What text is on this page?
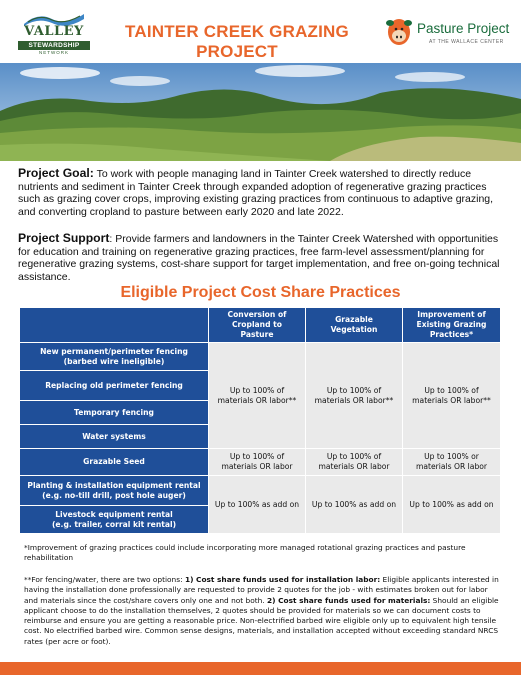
VALLEY
STEWARDSHIP
NETWORK
TAINTER CREEK GRAZING PROJECT
Pasture Project
AT THE WALLACE CENTER
Project Goal: To work with people managing land in Tainter Creek watershed to directly reduce nutrients and sediment in Tainter Creek through expanded adoption of regenerative grazing practices such as grazing cover crops, improving existing grazing practices from continuous to adaptive grazing, and converting cropland to pasture between early 2020 and late 2022.
Project Support: Provide farmers and landowners in the Tainter Creek Watershed with opportunities for education and training on regenerative grazing practices, free farm-level assessment/planning for regenerative grazing systems, cost-share support for target implementation, and free on-going technical assistance.
Eligible Project Cost Share Practices
Conversion of Cropland to Pasture
Grazable Vegetation
Improvement of Existing Grazing Practices*
New permanent/perimeter fencing
(barbed wire ineligible)
Replacing old perimeter fencing
Temporary fencing
Water systems
Grazable Seed
Planting & installation equipment rental
(e.g. no-till drill, post hole auger)
Livestock equipment rental
(e.g. trailer, corral kit rental)
Up to 100% of
materials OR labor**
Up to 100% of
materials OR labor**
Up to 100% of
materials OR labor**
Up to 100% of
materials OR labor
Up to 100% of
materials OR labor
Up to 100% or
materials OR labor
Up to 100% as add on	Up to 100% as add on	Up to 100% as add on
*Improvement of grazing practices could include incorporating more managed rotational grazing practices and pasture rehabilitation
**For fencing/water, there are two options: 1) Cost share funds used for installation labor: Eligible applicants interested in having the installation done professionally are requested to provide 2 quotes for the job - with estimates broken out for labor and materials since the cost/share covers only one and not both. 2) Cost share funds used for materials: Should an eligible applicant choose to do the installation themselves, 2 quotes should be provided for materials so we can document costs to reimburse and ensure you are getting a reasonable price. Non-electrified barbed wire eligible only up to equivalent high tensile cost. No electrified barbed wire. Common sense designs, materials, and installation accepted without exceeding standard NRCS rates (per acre or foot).
